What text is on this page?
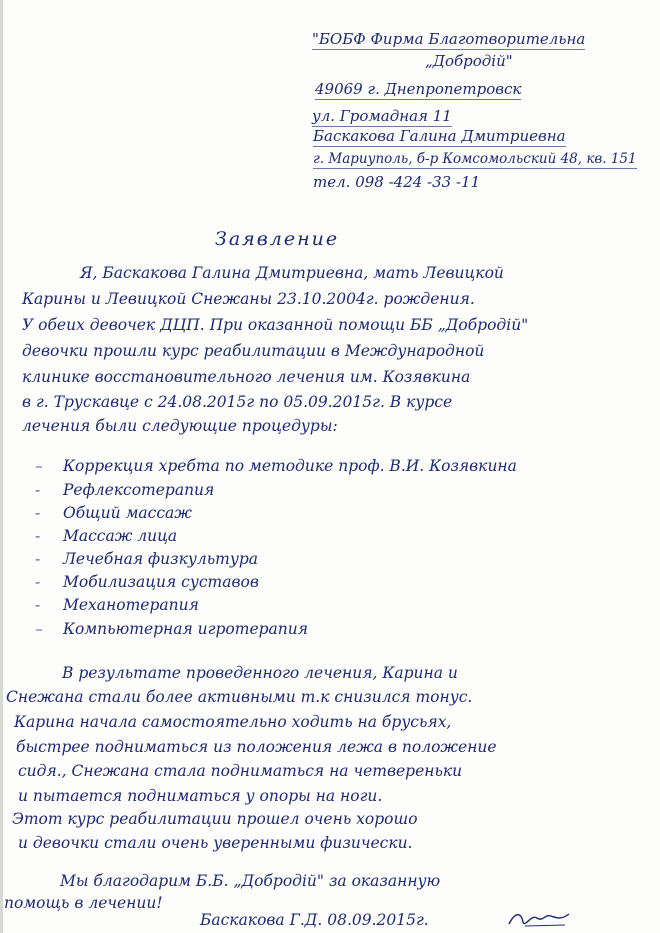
"БОБФ Фирма Благотворительна
„Добродій"
49069 г. Днепропетровск
ул. Громадная 11
Баскакова Галина Дмитриевна
г. Мариуполь, б-р Комсомольский 48, кв. 151
тел. 098 -424 -33 -11
Заявление
Я, Баскакова Галина Дмитриевна, мать Левицкой
Карины и Левицкой Снежаны 23.10.2004г. рождения.
У обеих девочек ДЦП. При оказанной помощи ББ „Добродій"
девочки прошли курс реабилитации в Международной
клинике восстановительного лечения им. Козявкина
в г. Трускавце с 24.08.2015г по 05.09.2015г. В курсе
лечения были следующие процедуры:
– Коррекция хребта по методике проф. В.И. Козявкина
- Рефлексотерапия
- Общий массаж
- Массаж лица
- Лечебная физкультура
- Мобилизация суставов
- Механотерапия
– Компьютерная игротерапия
В результате проведенного лечения, Карина и
Снежана стали более активными т.к снизился тонус.
Карина начала самостоятельно ходить на брусьях,
быстрее подниматься из положения лежа в положение
сидя., Снежана стала подниматься на четвереньки
и пытается подниматься у опоры на ноги.
Этот курс реабилитации прошел очень хорошо
и девочки стали очень уверенными физически.
Мы благодарим Б.Б. „Добродій" за оказанную
помощь в лечении!
Баскакова Г.Д. 08.09.2015г.
